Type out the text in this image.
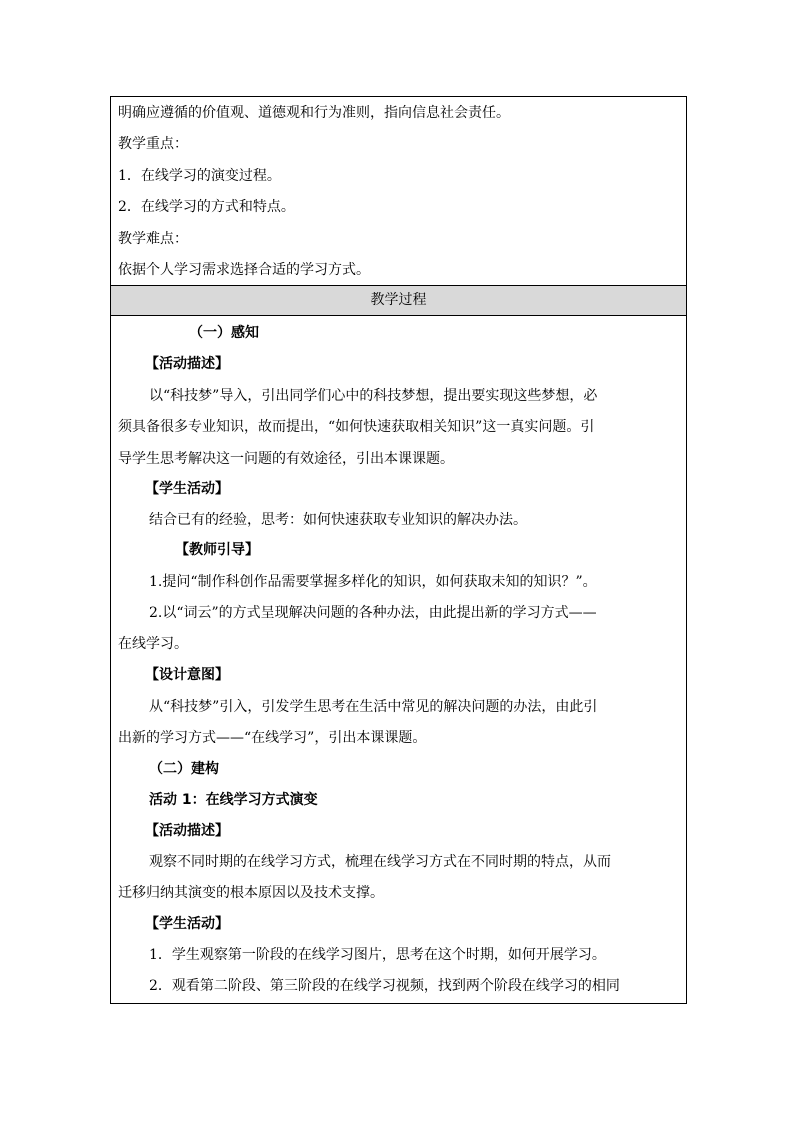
明确应遵循的价值观、道德观和行为准则，指向信息社会责任。
教学重点：
1．在线学习的演变过程。
2．在线学习的方式和特点。
教学难点：
依据个人学习需求选择合适的学习方式。
教学过程
（一）感知
【活动描述】
以“科技梦”导入，引出同学们心中的科技梦想，提出要实现这些梦想，必
须具备很多专业知识，故而提出，“如何快速获取相关知识”这一真实问题。引
导学生思考解决这一问题的有效途径，引出本课课题。
【学生活动】
结合已有的经验，思考：如何快速获取专业知识的解决办法。
【教师引导】
1.提问“制作科创作品需要掌握多样化的知识，如何获取未知的知识？”。
2.以“词云”的方式呈现解决问题的各种办法，由此提出新的学习方式——
在线学习。
【设计意图】
从“科技梦”引入，引发学生思考在生活中常见的解决问题的办法，由此引
出新的学习方式——“在线学习”，引出本课课题。
（二）建构
活动 1：在线学习方式演变
【活动描述】
观察不同时期的在线学习方式，梳理在线学习方式在不同时期的特点，从而
迁移归纳其演变的根本原因以及技术支撑。
【学生活动】
1．学生观察第一阶段的在线学习图片，思考在这个时期，如何开展学习。
2．观看第二阶段、第三阶段的在线学习视频，找到两个阶段在线学习的相同
